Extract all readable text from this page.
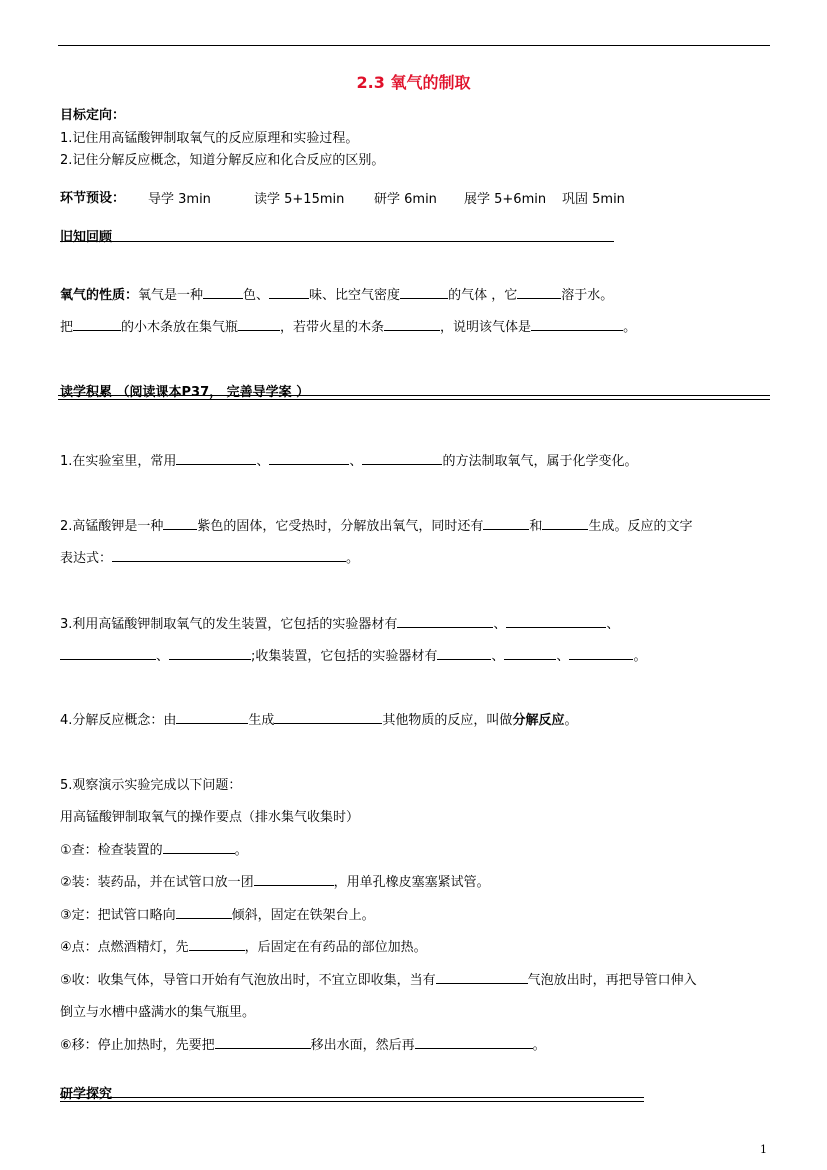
2.3 氧气的制取
目标定向：
1.记住用高锰酸钾制取氧气的反应原理和实验过程。
2.记住分解反应概念，知道分解反应和化合反应的区别。
环节预设： 导学 3min	读学 5+15min 研学 6min 展学 5+6min 巩固 5min
旧知回顾
氧气的性质：氧气是一种	色、	味、比空气密度	的气体 ，它	溶于水。
把	的小木条放在集气瓶	，若带火星的木条	，说明该气体是	。
读学积累 （阅读课本P37， 完善导学案 ）
1.在实验室里，常用	、	、	的方法制取氧气，属于化学变化。
2.高锰酸钾是一种	紫色的固体，它受热时，分解放出氧气，同时还有	和	生成。反应的文字
表达式：	。
3.利用高锰酸钾制取氧气的发生装置，它包括的实验器材有	、	、
、	;收集装置，它包括的实验器材有	、	、	。
4.分解反应概念：由	生成	其他物质的反应，叫做分解反应。
5.观察演示实验完成以下问题：
用高锰酸钾制取氧气的操作要点（排水集气收集时）
①查：检查装置的	。
②装：装药品，并在试管口放一团	，用单孔橡皮塞塞紧试管。
③定：把试管口略向	倾斜，固定在铁架台上。
④点：点燃酒精灯，先	，后固定在有药品的部位加热。
⑤收：收集气体，导管口开始有气泡放出时，不宜立即收集，当有	气泡放出时，再把导管口伸入
倒立与水槽中盛满水的集气瓶里。
⑥移：停止加热时，先要把	移出水面，然后再	。
研学探究
1
